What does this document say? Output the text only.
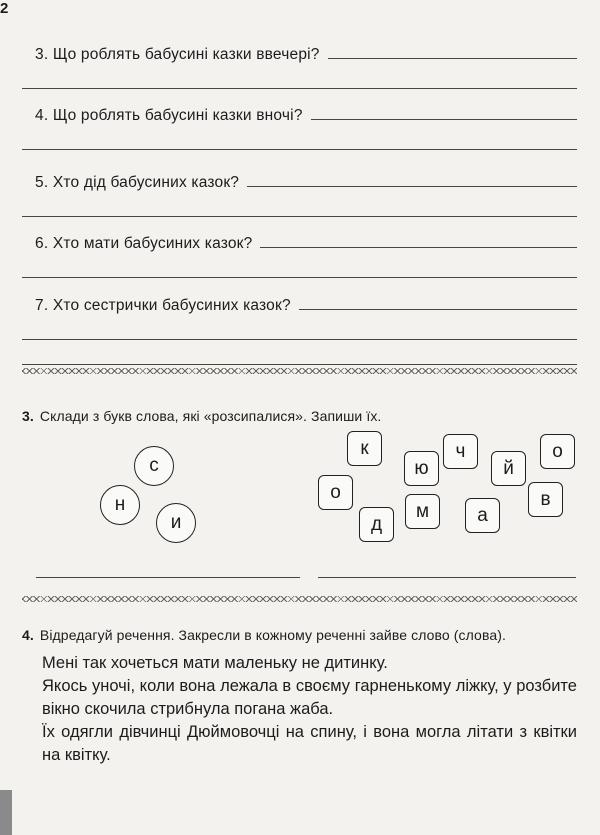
2
3. Що роблять бабусині казки ввечері?
4. Що роблять бабусині казки вночі?
5. Хто дід бабусиних казок?
6. Хто мати бабусиних казок?
7. Хто сестрички бабусиних казок?
3. Склади з букв слова, які «розсипалися». Запиши їх.
с
н
и
к	ч	о
ю	й
о
м
в
д	а
4. Відредагуй речення. Закресли в кожному реченні зайве слово (слова).

Мені так хочеться мати маленьку не дитинку.

Якось уночі, коли вона лежала в своєму гарненькому ліжку, у розбите вікно скочила стрибнула погана жаба.

Їх одягли дівчинці Дюймовочці на спину, і вона могла літати з квітки на квітку.
